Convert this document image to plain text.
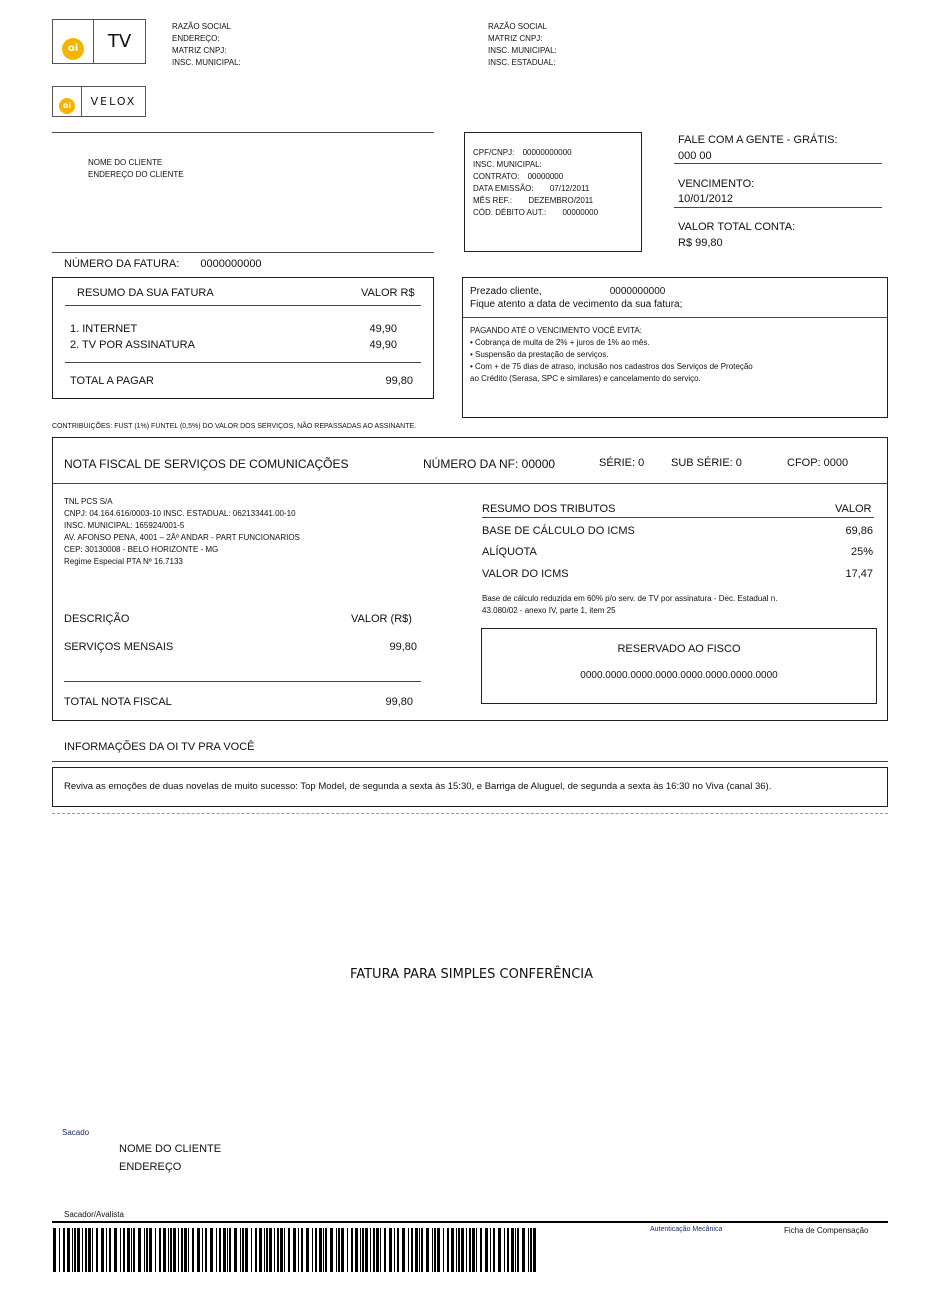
oi	TV
oi	VELOX
RAZÃO SOCIAL
ENDEREÇO:
MATRIZ CNPJ:
INSC. MUNICIPAL:
RAZÃO SOCIAL
MATRIZ CNPJ:
INSC. MUNICIPAL:
INSC. ESTADUAL:
NOME DO CLIENTE
ENDEREÇO DO CLIENTE
CPF/CNPJ: 00000000000
INSC. MUNICIPAL:
CONTRATO: 00000000
DATA EMISSÃO: 07/12/2011
MÊS REF.: DEZEMBRO/2011
CÓD. DÉBITO AUT.: 00000000
FALE COM A GENTE - GRÁTIS:
000 00
VENCIMENTO:
10/01/2012
VALOR TOTAL CONTA:
R$ 99,80
NÚMERO DA FATURA: 0000000000
RESUMO DA SUA FATURA	VALOR R$
1. INTERNET	49,90
2. TV POR ASSINATURA	49,90
TOTAL A PAGAR	99,80
Prezado cliente,	0000000000
Fique atento a data de vecimento da sua fatura;
PAGANDO ATÉ O VENCIMENTO VOCÊ EVITA:
• Cobrança de multa de 2% + juros de 1% ao mês.
• Suspensão da prestação de serviços.
• Com + de 75 dias de atraso, inclusão nos cadastros dos Serviços de Proteção
ao Crédito (Serasa, SPC e similares) e cancelamento do serviço.
CONTRIBUIÇÕES: FUST (1%) FUNTEL (0,5%) DO VALOR DOS SERVIÇOS, NÃO REPASSADAS AO ASSINANTE.
NOTA FISCAL DE SERVIÇOS DE COMUNICAÇÕES	NÚMERO DA NF: 00000	SÉRIE: 0 SUB SÉRIE: 0	CFOP: 0000
TNL PCS S/A
CNPJ: 04.164.616/0003-10 INSC. ESTADUAL: 062133441.00-10
INSC. MUNICIPAL: 165924/001-5
AV. AFONSO PENA, 4001 – 2Âº ANDAR - PART FUNCIONARIOS
CEP: 30130008 - BELO HORIZONTE - MG
Regime Especial PTA Nº 16.7133
DESCRIÇÃO	VALOR (R$)
SERVIÇOS MENSAIS	99,80
TOTAL NOTA FISCAL	99,80
RESUMO DOS TRIBUTOS	VALOR
BASE DE CÁLCULO DO ICMS	69,86
ALÍQUOTA	25%
VALOR DO ICMS	17,47
Base de cálculo reduzida em 60% p/o serv. de TV por assinatura - Dec. Estadual n.
43.080/02 - anexo IV, parte 1, item 25
RESERVADO AO FISCO
0000.0000.0000.0000.0000.0000.0000.0000
INFORMAÇÕES DA OI TV PRA VOCÊ
Reviva as emoções de duas novelas de muito sucesso: Top Model, de segunda a sexta às 15:30, e Barriga de Aluguel, de segunda a sexta às 16:30 no Viva (canal 36).
FATURA PARA SIMPLES CONFERÊNCIA
Sacado
NOME DO CLIENTE
ENDEREÇO
Sacador/Avalista
Autenticação Mecânica	Ficha de Compensação
